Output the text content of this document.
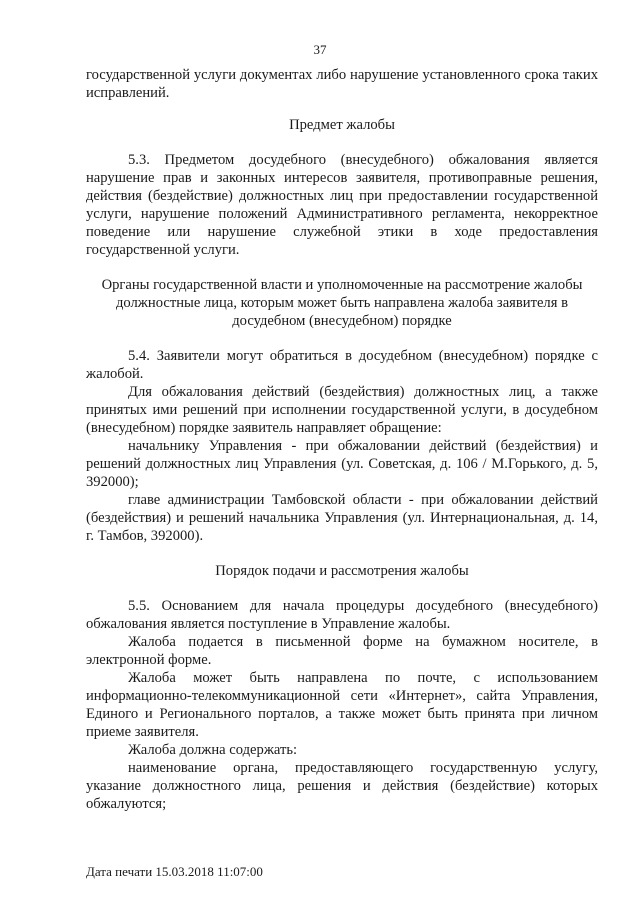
37

государственной услуги документах либо нарушение установленного срока таких исправлений.

Предмет жалобы

5.3. Предметом досудебного (внесудебного) обжалования является нарушение прав и законных интересов заявителя, противоправные решения, действия (бездействие) должностных лиц при предоставлении государственной услуги, нарушение положений Административного регламента, некорректное поведение или нарушение служебной этики в ходе предоставления государственной услуги.

Органы государственной власти и уполномоченные на рассмотрение жалобы должностные лица, которым может быть направлена жалоба заявителя в досудебном (внесудебном) порядке

5.4. Заявители могут обратиться в досудебном (внесудебном) порядке с жалобой.

Для обжалования действий (бездействия) должностных лиц, а также принятых ими решений при исполнении государственной услуги, в досудебном (внесудебном) порядке заявитель направляет обращение:

начальнику Управления - при обжаловании действий (бездействия) и решений должностных лиц Управления (ул. Советская, д. 106 / М.Горького, д. 5, 392000);

главе администрации Тамбовской области - при обжаловании действий (бездействия) и решений начальника Управления (ул. Интернациональная, д. 14, г. Тамбов, 392000).

Порядок подачи и рассмотрения жалобы

5.5. Основанием для начала процедуры досудебного (внесудебного) обжалования является поступление в Управление жалобы.

Жалоба подается в письменной форме на бумажном носителе, в электронной форме.

Жалоба может быть направлена по почте, с использованием информационно-телекоммуникационной сети «Интернет», сайта Управления, Единого и Регионального порталов, а также может быть принята при личном приеме заявителя.

Жалоба должна содержать:

наименование органа, предоставляющего государственную услугу, указание должностного лица, решения и действия (бездействие) которых обжалуются;

Дата печати 15.03.2018 11:07:00
